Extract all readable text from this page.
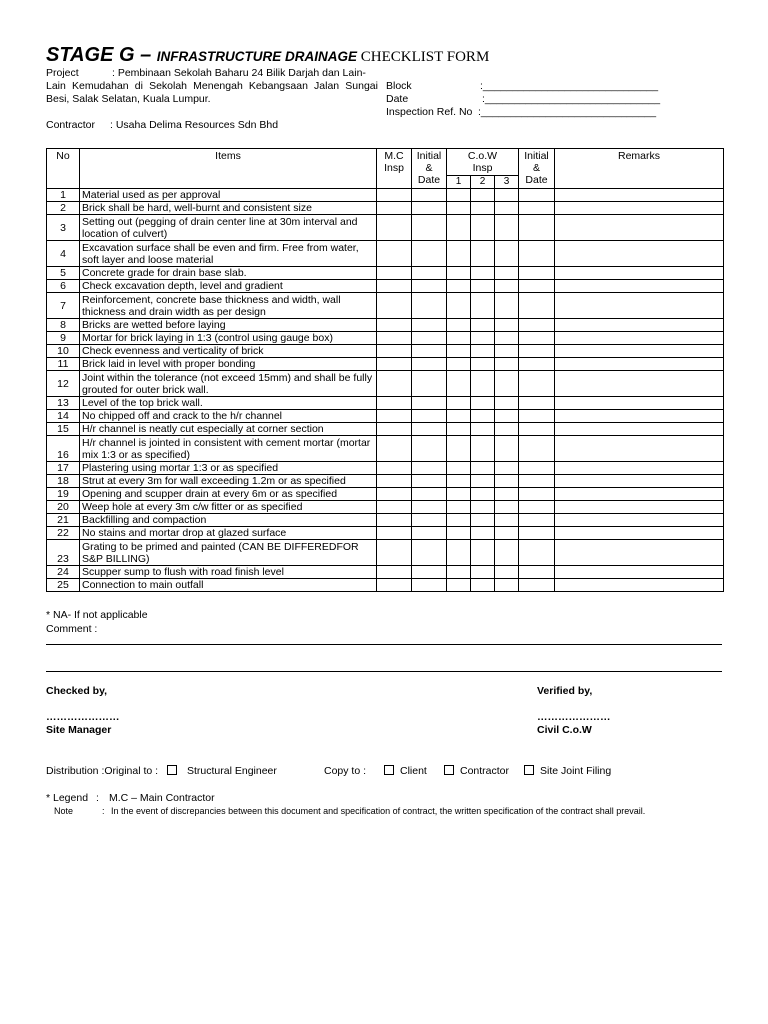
STAGE G – INFRASTRUCTURE DRAINAGE CHECKLIST FORM
Project	: Pembinaan Sekolah Baharu 24 Bilik Darjah dan Lain-
Lain Kemudahan di Sekolah Menengah Kebangsaan Jalan Sungai Besi, Salak Selatan, Kuala Lumpur.
Contractor : Usaha Delima Resources Sdn Bhd
Block	:______________________________
Date	:______________________________
Inspection Ref. No :______________________________
No	Items	M.C Insp	Initial & Date	C.o.W Insp			Initial & Date	Remarks
				1	2	3		
1	Material used as per approval							
2	Brick shall be hard, well-burnt and consistent size							
3	Setting out (pegging of drain center line at 30m interval and location of culvert)							
4	Excavation surface shall be even and firm. Free from water, soft layer and loose material							
5	Concrete grade for drain base slab.							
6	Check excavation depth, level and gradient							
7	Reinforcement, concrete base thickness and width, wall thickness and drain width as per design							
8	Bricks are wetted before laying							
9	Mortar for brick laying in 1:3 (control using gauge box)							
10	Check evenness and verticality of brick							
11	Brick laid in level with proper bonding							
12	Joint within the tolerance (not exceed 15mm) and shall be fully grouted for outer brick wall.							
13	Level of the top brick wall.							
14	No chipped off and crack to the h/r channel							
15	H/r channel is neatly cut especially at corner section							
16	H/r channel is jointed in consistent with cement mortar (mortar mix 1:3 or as specified)							
17	Plastering using mortar 1:3 or as specified							
18	Strut at every 3m for wall exceeding 1.2m or as specified							
19	Opening and scupper drain at every 6m or as specified							
20	Weep hole at every 3m c/w fitter or as specified							
21	Backfilling and compaction							
22	No stains and mortar drop at glazed surface							
23	Grating to be primed and painted (CAN BE DIFFEREDFOR S&P BILLING)							
24	Scupper sump to flush with road finish level							
25	Connection to main outfall							
* NA- If not applicable
Comment :
Checked by,
…………………
Site Manager
Verified by,
…………………
Civil C.o.W
Distribution :Original to :	Structural Engineer	Copy to :	Client	Contractor	Site Joint Filing
* Legend : M.C – Main Contractor
Note	: In the event of discrepancies between this document and specification of contract, the written specification of the contract shall prevail.
